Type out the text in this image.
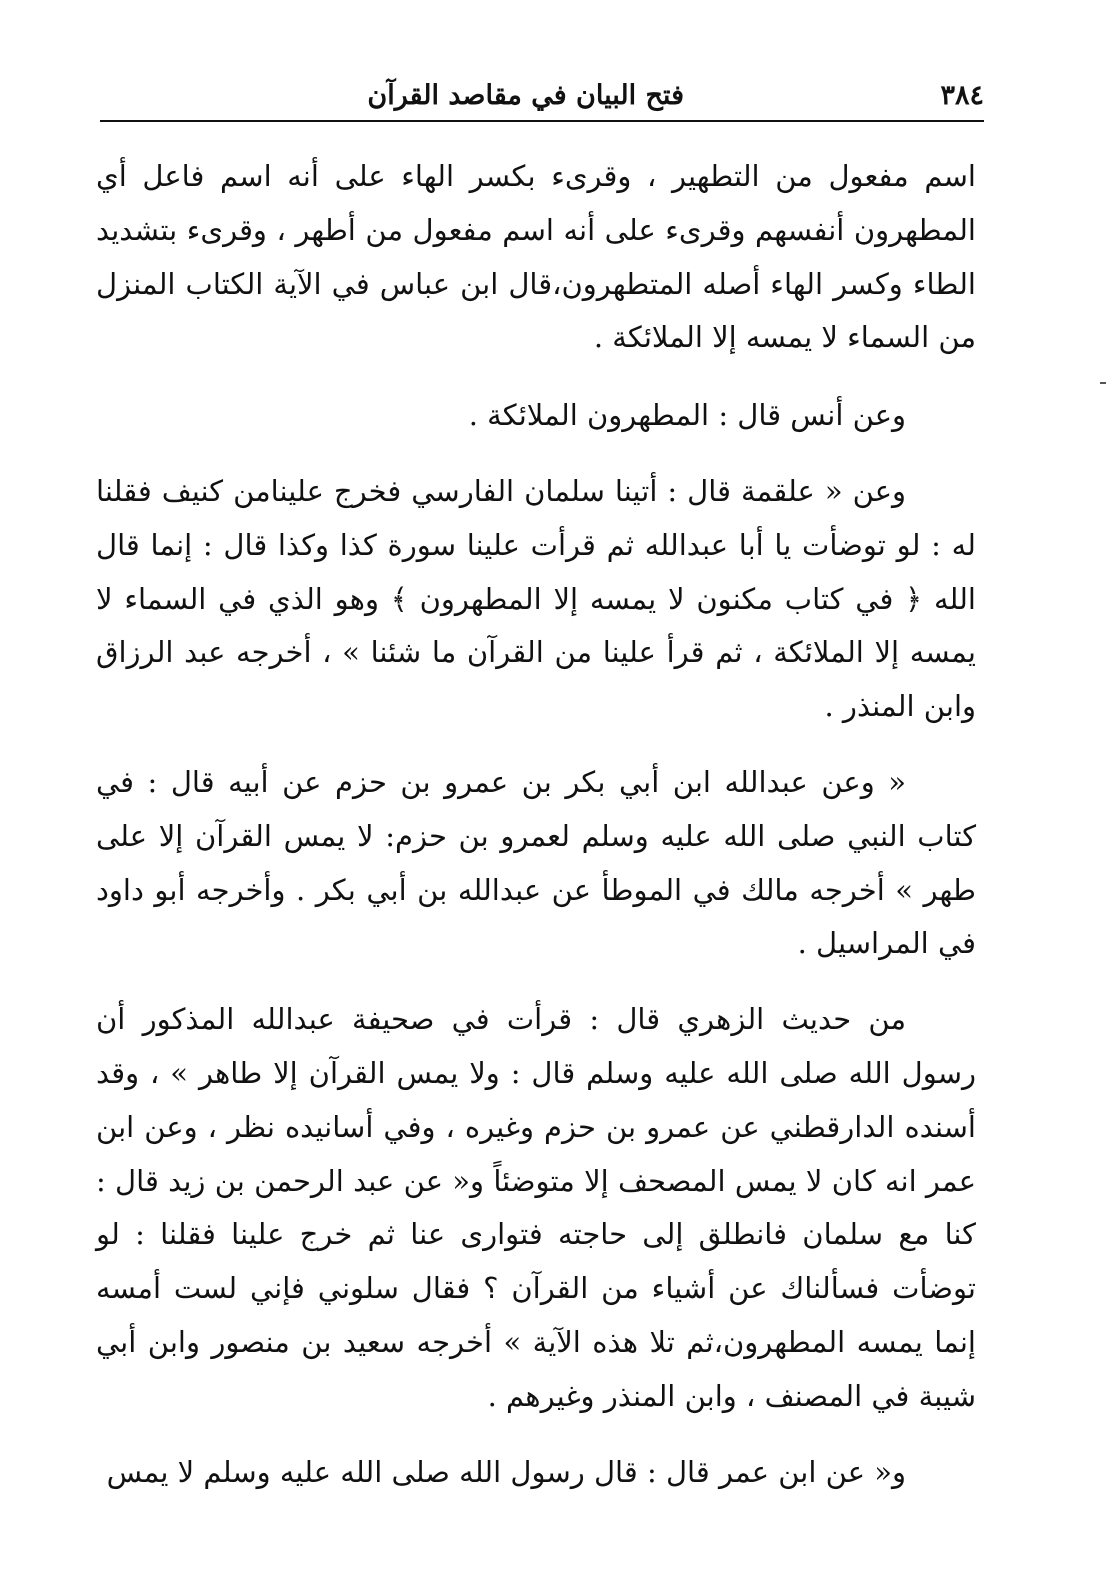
٣٨٤
فتح البيان في مقاصد القرآن

اسم مفعول من التطهير ، وقرىء بكسر الهاء على أنه اسم فاعل أي المطهرون أنفسهم وقرىء على أنه اسم مفعول من أطهر ، وقرىء بتشديد الطاء وكسر الهاء أصله المتطهرون،قال ابن عباس في الآية الكتاب المنزل من السماء لا يمسه إلا الملائكة .

وعن أنس قال : المطهرون الملائكة .

وعن « علقمة قال : أتينا سلمان الفارسي فخرج علينامن كنيف فقلنا له : لو توضأت يا أبا عبدالله ثم قرأت علينا سورة كذا وكذا قال : إنما قال الله ﴿ في كتاب مكنون لا يمسه إلا المطهرون ﴾ وهو الذي في السماء لا يمسه إلا الملائكة ، ثم قرأ علينا من القرآن ما شئنا » ، أخرجه عبد الرزاق وابن المنذر .

« وعن عبدالله ابن أبي بكر بن عمرو بن حزم عن أبيه قال : في كتاب النبي صلى الله عليه وسلم لعمرو بن حزم: لا يمس القرآن إلا على طهر » أخرجه مالك في الموطأ عن عبدالله بن أبي بكر . وأخرجه أبو داود في المراسيل .

من حديث الزهري قال : قرأت في صحيفة عبدالله المذكور أن رسول الله صلى الله عليه وسلم قال : ولا يمس القرآن إلا طاهر » ، وقد أسنده الدارقطني عن عمرو بن حزم وغيره ، وفي أسانيده نظر ، وعن ابن عمر انه كان لا يمس المصحف إلا متوضئاً و« عن عبد الرحمن بن زيد قال : كنا مع سلمان فانطلق إلى حاجته فتوارى عنا ثم خرج علينا فقلنا : لو توضأت فسألناك عن أشياء من القرآن ؟ فقال سلوني فإني لست أمسه إنما يمسه المطهرون،ثم تلا هذه الآية » أخرجه سعيد بن منصور وابن أبي شيبة في المصنف ، وابن المنذر وغيرهم .

و« عن ابن عمر قال : قال رسول الله صلى الله عليه وسلم لا يمس
